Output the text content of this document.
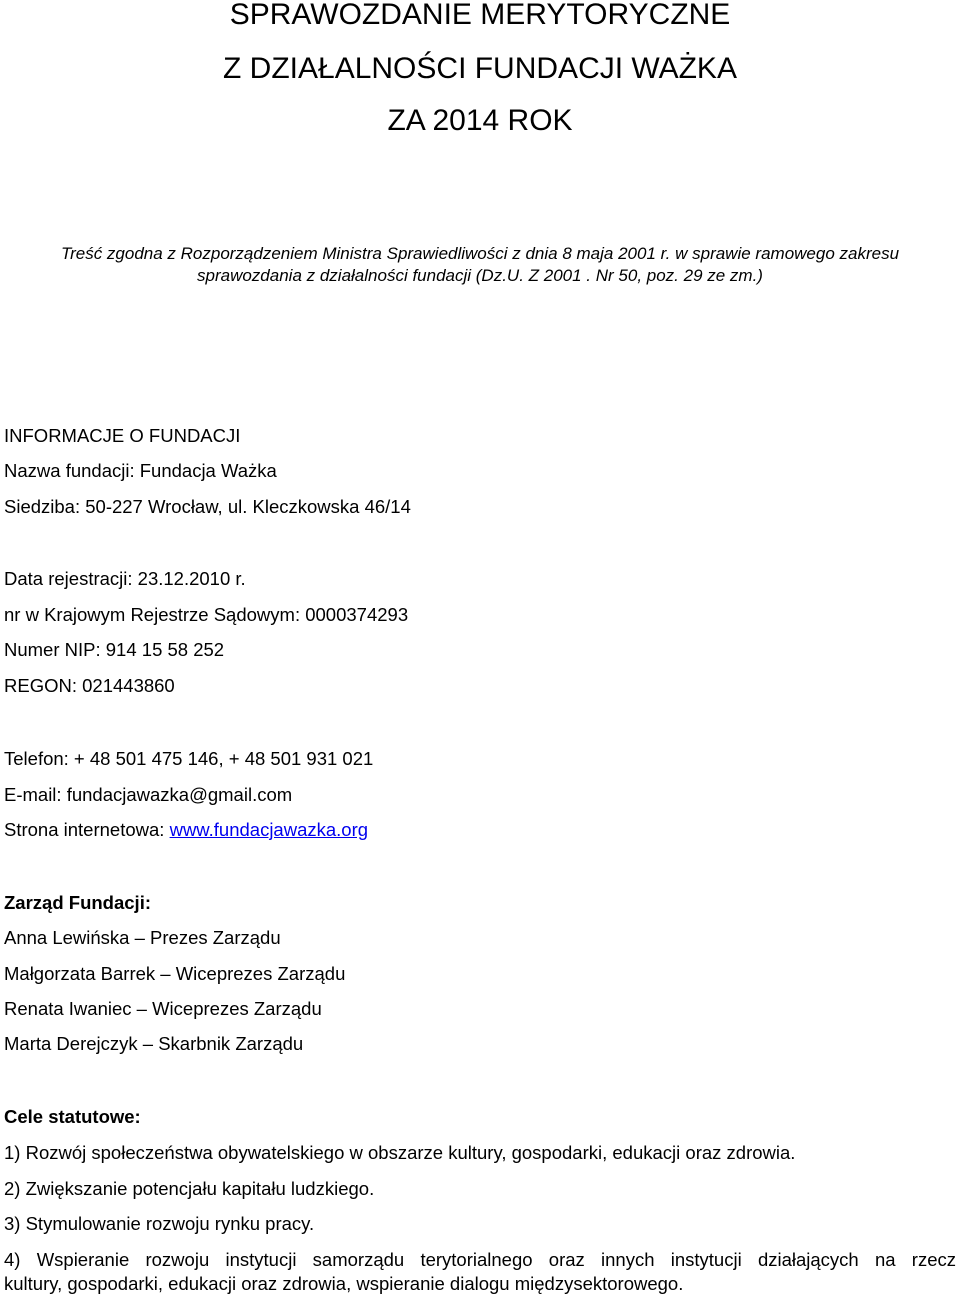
SPRAWOZDANIE MERYTORYCZNE
Z DZIAŁALNOŚCI FUNDACJI WAŻKA
ZA 2014 ROK

Treść zgodna z Rozporządzeniem Ministra Sprawiedliwości z dnia 8 maja 2001 r. w sprawie ramowego zakresu

sprawozdania z działalności fundacji (Dz.U. Z 2001 . Nr 50, poz. 29 ze zm.)

INFORMACJE O FUNDACJI

Nazwa fundacji: Fundacja Ważka

Siedziba: 50-227 Wrocław, ul. Kleczkowska 46/14

Data rejestracji: 23.12.2010 r.

nr w Krajowym Rejestrze Sądowym: 0000374293

Numer NIP: 914 15 58 252

REGON: 021443860

Telefon: + 48 501 475 146, + 48 501 931 021

E-mail: fundacjawazka@gmail.com

Strona internetowa: www.fundacjawazka.org

Zarząd Fundacji:

Anna Lewińska – Prezes Zarządu

Małgorzata Barrek – Wiceprezes Zarządu

Renata Iwaniec – Wiceprezes Zarządu

Marta Derejczyk – Skarbnik Zarządu

Cele statutowe:

1) Rozwój społeczeństwa obywatelskiego w obszarze kultury, gospodarki, edukacji oraz zdrowia.

2) Zwiększanie potencjału kapitału ludzkiego.

3) Stymulowanie rozwoju rynku pracy.

4) Wspieranie rozwoju instytucji samorządu terytorialnego oraz innych instytucji działających na rzecz
kultury, gospodarki, edukacji oraz zdrowia, wspieranie dialogu międzysektorowego.
